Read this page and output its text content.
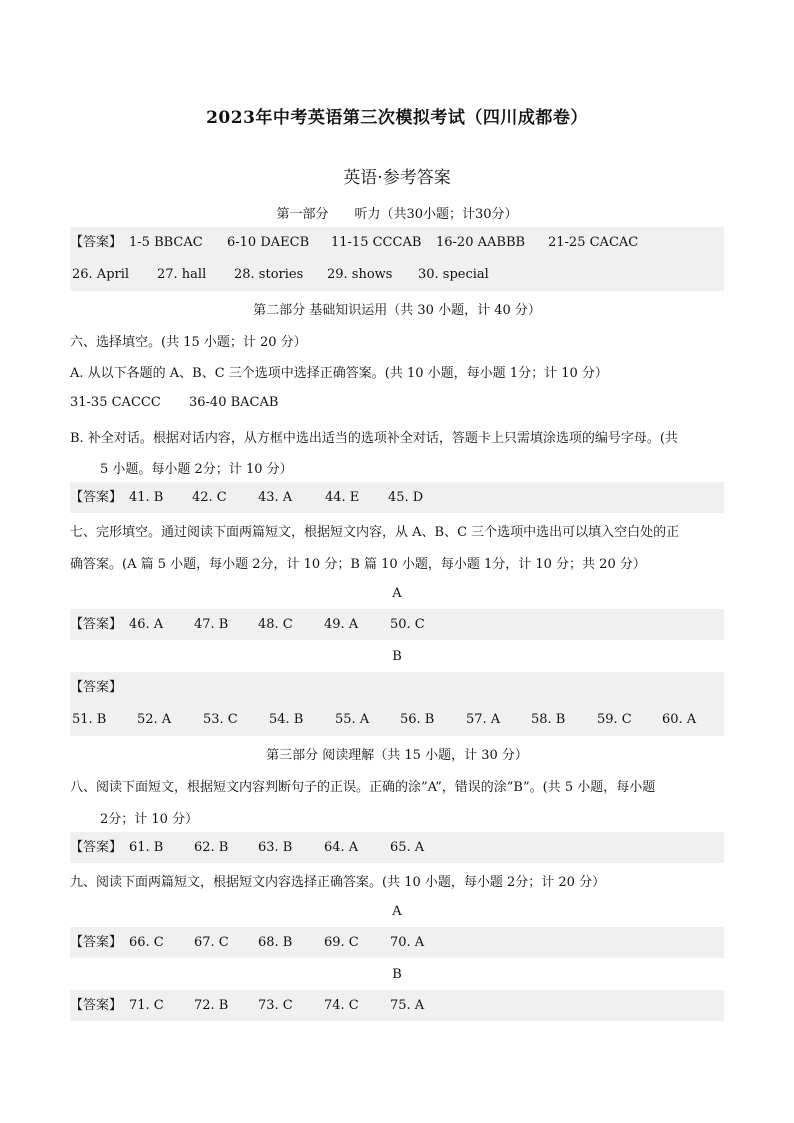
2023年中考英语第三次模拟考试（四川成都卷）
英语·参考答案
第一部分　　听力（共30小题；计30分）
【答案】 1-5 BBCAC 6-10 DAECB 11-15 CCCAB 16-20 AABBB 21-25 CACAC
26. April 27. hall 28. stories 29. shows 30. special
第二部分 基础知识运用（共 30 小题，计 40 分）
六、选择填空。(共 15 小题；计 20 分）
A. 从以下各题的 A、B、C 三个选项中选择正确答案。(共 10 小题，每小题 1分；计 10 分）
31-35 CACCC 36-40 BACAB
B. 补全对话。根据对话内容，从方框中选出适当的选项补全对话，答题卡上只需填涂选项的编号字母。(共
5 小题。每小题 2分；计 10 分）
【答案】 41. B 42. C 43. A	44. E 45. D
七、完形填空。通过阅读下面两篇短文，根据短文内容，从 A、B、C 三个选项中选出可以填入空白处的正
确答案。(A 篇 5 小题，每小题 2分，计 10 分；B 篇 10 小题，每小题 1分，计 10 分；共 20 分）
A
【答案】 46. A 47. B 48. C 49. A 50. C
B
【答案】
51. B 52. A 53. C 54. B 55. A 56. B 57. A 58. B 59. C 60. A
第三部分 阅读理解（共 15 小题，计 30 分）
八、阅读下面短文，根据短文内容判断句子的正误。正确的涂”A”，错误的涂”B”。(共 5 小题，每小题
2分；计 10 分）
【答案】 61. B 62. B 63. B 64. A 65. A
九、阅读下面两篇短文，根据短文内容选择正确答案。(共 10 小题，每小题 2分；计 20 分）
A
【答案】 66. C 67. C 68. B 69. C 70. A
B
【答案】 71. C 72. B 73. C 74. C 75. A
